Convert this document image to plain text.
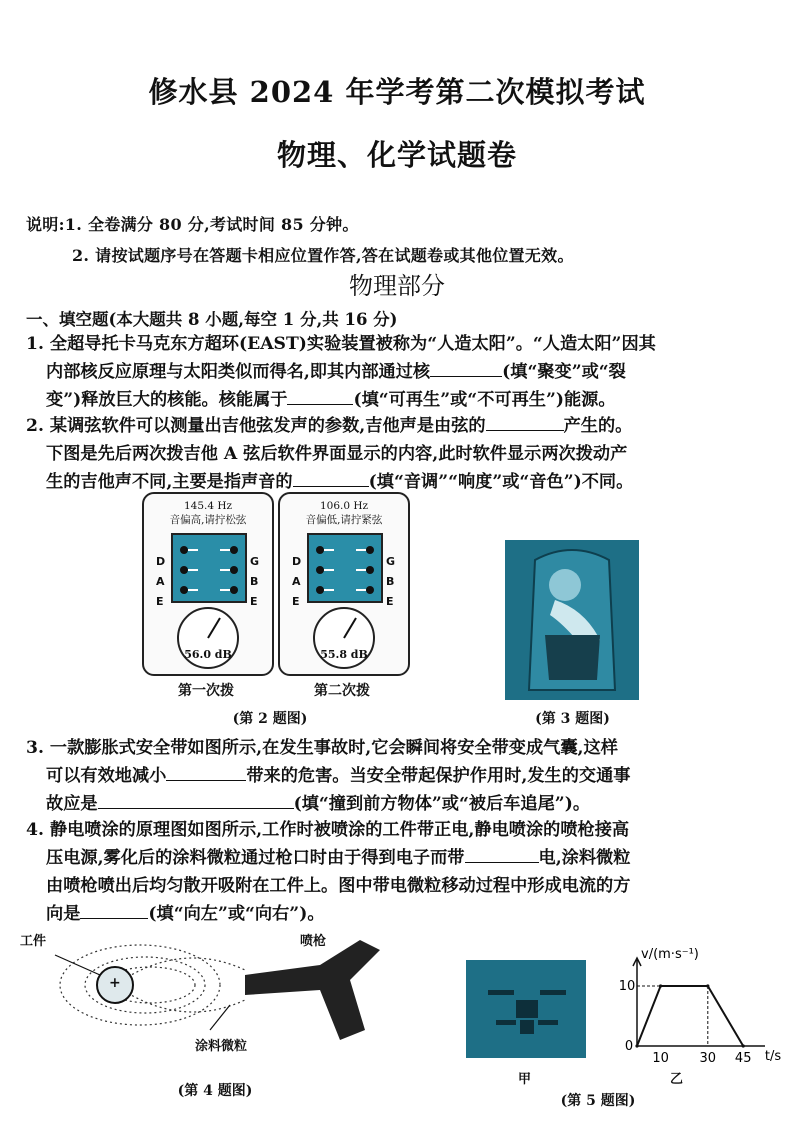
修水县 2024 年学考第二次模拟考试
物理、化学试题卷
说明:1. 全卷满分 80 分,考试时间 85 分钟。
2. 请按试题序号在答题卡相应位置作答,答在试题卷或其他位置无效。
物理部分
一、填空题(本大题共 8 小题,每空 1 分,共 16 分)
1. 全超导托卡马克东方超环(EAST)实验装置被称为“人造太阳”。“人造太阳”因其
内部核反应原理与太阳类似而得名,即其内部通过核	(填“聚变”或“裂
变”)释放巨大的核能。核能属于	(填“可再生”或“不可再生”)能源。
2. 某调弦软件可以测量出吉他弦发声的参数,吉他声是由弦的	产生的。
下图是先后两次拨吉他 A 弦后软件界面显示的内容,此时软件显示两次拨动产
生的吉他声不同,主要是指声音的	(填“音调”“响度”或“音色”)不同。
145.4 Hz
音偏高,请拧松弦
D
A
E
G
B
E
56.0 dB
106.0 Hz
音偏低,请拧紧弦
D
A
E
G
B
E
55.8 dB
第一次拨	第二次拨
(第 2 题图)	(第 3 题图)
3. 一款膨胀式安全带如图所示,在发生事故时,它会瞬间将安全带变成气囊,这样
可以有效地减小	带来的危害。当安全带起保护作用时,发生的交通事
故应是	(填“撞到前方物体”或“被后车追尾”)。
4. 静电喷涂的原理图如图所示,工作时被喷涂的工件带正电,静电喷涂的喷枪接高
压电源,雾化后的涂料微粒通过枪口时由于得到电子而带	电,涂料微粒
由喷枪喷出后均匀散开吸附在工件上。图中带电微粒移动过程中形成电流的方
向是	(填“向左”或“向右”)。
工件	喷枪
涂料微粒
+
(第 4 题图)
甲
v/(m·s⁻¹)
t/s
10
0
10 30 45
乙
(第 5 题图)
